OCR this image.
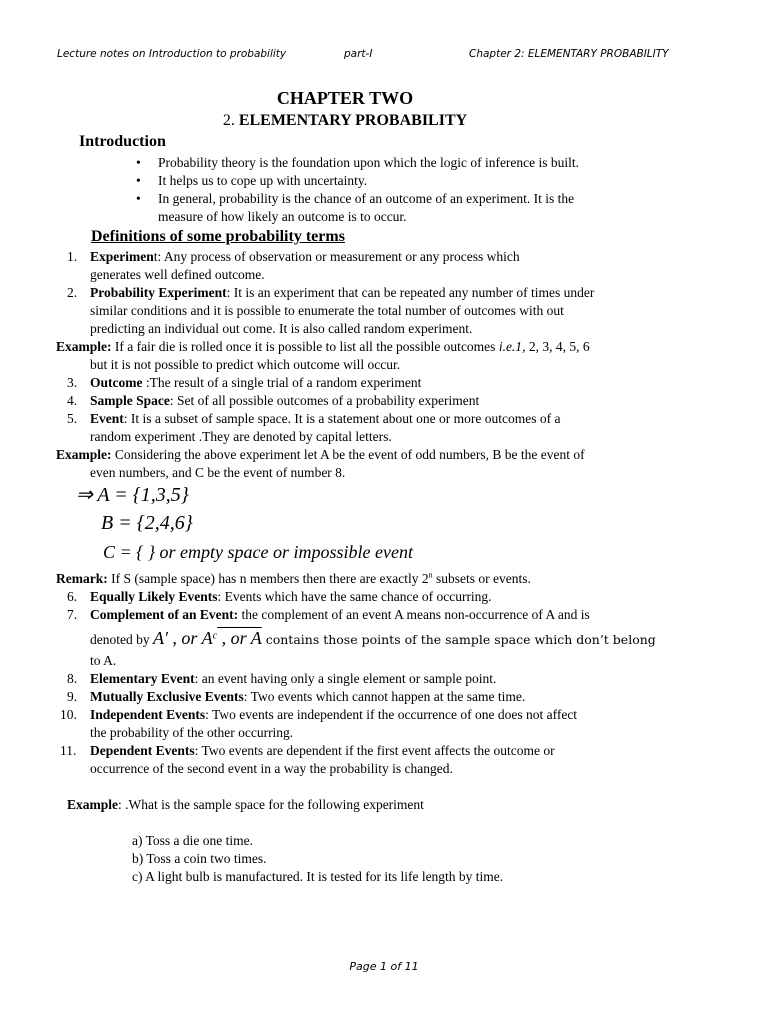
Lecture notes on Introduction to probability	part-I	Chapter 2: ELEMENTARY PROBABILITY

CHAPTER TWO

2. ELEMENTARY PROBABILITY

Introduction

• Probability theory is the foundation upon which the logic of inference is built.
• It helps us to cope up with uncertainty.
• In general, probability is the chance of an outcome of an experiment. It is the
measure of how likely an outcome is to occur.

Definitions of some probability terms

1. Experiment: Any process of observation or measurement or any process which
generates well defined outcome.
2. Probability Experiment: It is an experiment that can be repeated any number of times under
similar conditions and it is possible to enumerate the total number of outcomes with out
predicting an individual out come. It is also called random experiment.
Example: If a fair die is rolled once it is possible to list all the possible outcomes i.e.1, 2, 3, 4, 5, 6
but it is not possible to predict which outcome will occur.
3. Outcome :The result of a single trial of a random experiment
4. Sample Space: Set of all possible outcomes of a probability experiment
5. Event: It is a subset of sample space. It is a statement about one or more outcomes of a
random experiment .They are denoted by capital letters.
Example: Considering the above experiment let A be the event of odd numbers, B be the event of
even numbers, and C be the event of number 8.

⇒ A = {1,3,5}

B = {2,4,6}

C = { } or empty space or impossible event

Remark: If S (sample space) has n members then there are exactly 2$^n$ subsets or events.
6. Equally Likely Events: Events which have the same chance of occurring.
7. Complement of an Event: the complement of an event A means non-occurrence of A and is
denoted by A′ , or $A^c$ , or A contains those points of the sample space which don’t belong
to A.
8. Elementary Event: an event having only a single element or sample point.
9. Mutually Exclusive Events: Two events which cannot happen at the same time.
10. Independent Events: Two events are independent if the occurrence of one does not affect
the probability of the other occurring.
11. Dependent Events: Two events are dependent if the first event affects the outcome or
occurrence of the second event in a way the probability is changed.

Example: .What is the sample space for the following experiment

a) Toss a die one time.
b) Toss a coin two times.
c) A light bulb is manufactured. It is tested for its life length by time.

Page 1 of 11
